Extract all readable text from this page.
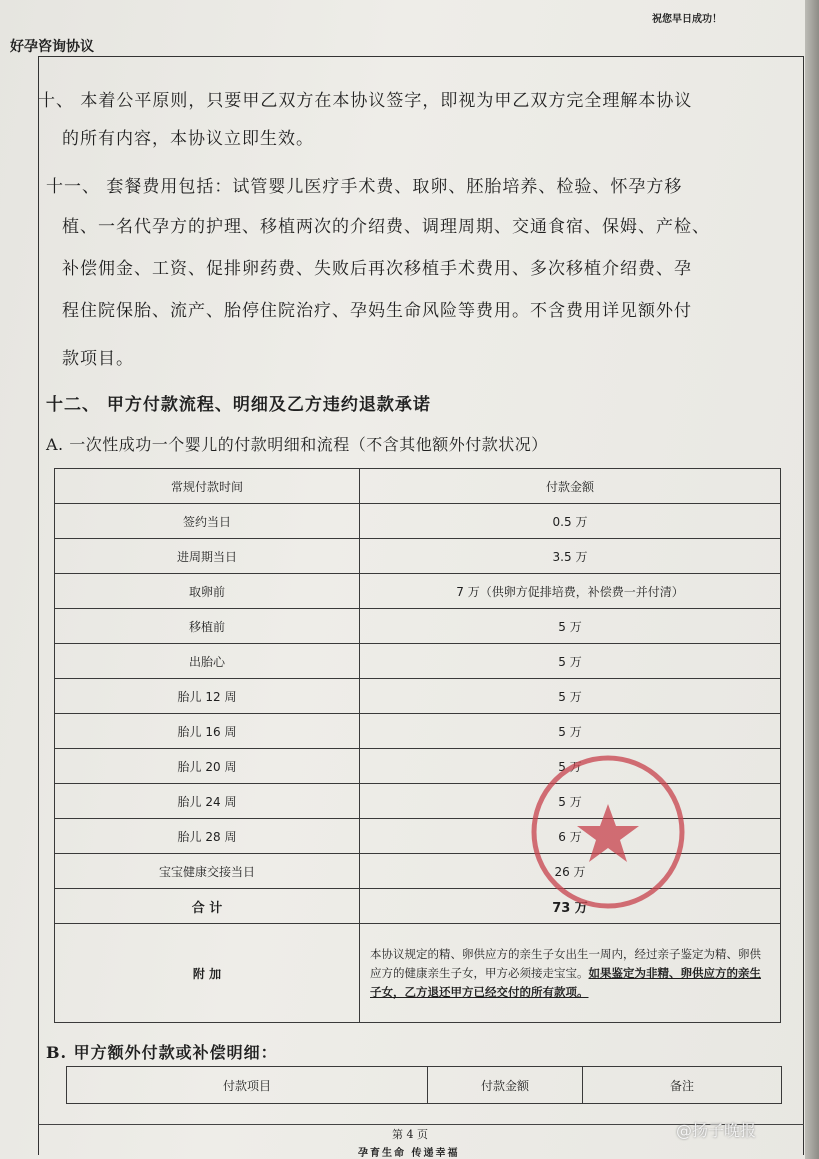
好孕咨询协议
祝您早日成功！
十、 本着公平原则，只要甲乙双方在本协议签字，即视为甲乙双方完全理解本协议
的所有内容，本协议立即生效。
十一、 套餐费用包括：试管婴儿医疗手术费、取卵、胚胎培养、检验、怀孕方移
植、一名代孕方的护理、移植两次的介绍费、调理周期、交通食宿、保姆、产检、
补偿佣金、工资、促排卵药费、失败后再次移植手术费用、多次移植介绍费、孕
程住院保胎、流产、胎停住院治疗、孕妈生命风险等费用。不含费用详见额外付
款项目。
十二、 甲方付款流程、明细及乙方违约退款承诺
A. 一次性成功一个婴儿的付款明细和流程（不含其他额外付款状况）
常规付款时间	付款金额
签约当日	0.5 万
进周期当日	3.5 万
取卵前	7 万（供卵方促排培费，补偿费一并付清）
移植前	5 万
出胎心	5 万
胎儿 12 周	5 万
胎儿 16 周	5 万
胎儿 20 周	5 万
胎儿 24 周	5 万
胎儿 28 周	6 万
宝宝健康交接当日	26 万
合 计	73 万
附 加	本协议规定的精、卵供应方的亲生子女出生一周内，经过亲子鉴定为精、卵供应方的健康亲生子女，甲方必须接走宝宝。如果鉴定为非精、卵供应方的亲生子女，乙方退还甲方已经交付的所有款项。
B. 甲方额外付款或补偿明细：
付款项目	付款金额	备注
第 4 页
孕育生命 传递幸福
@扬子晚报
